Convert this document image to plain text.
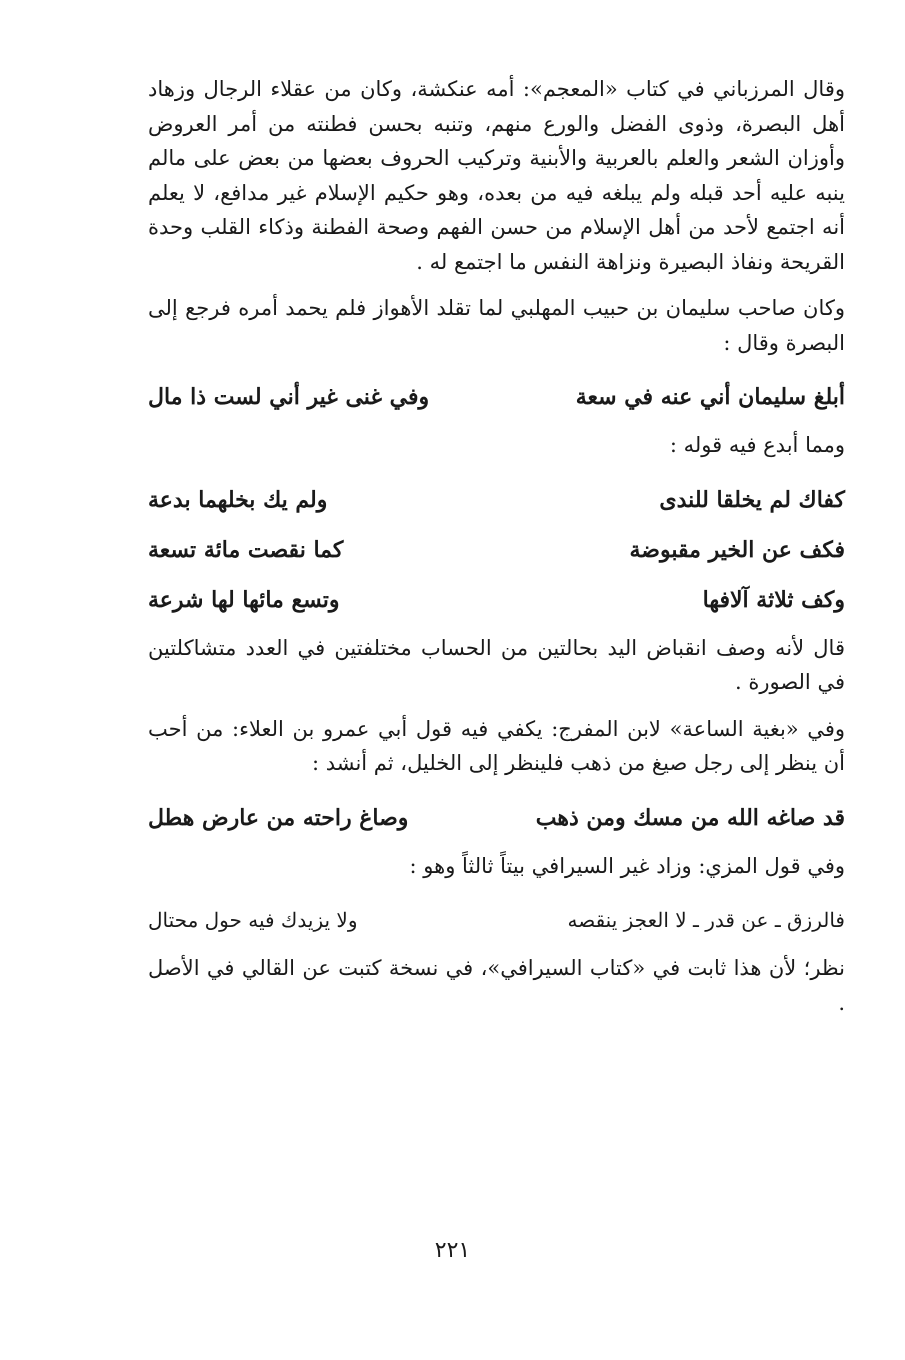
وقال المرزباني في كتاب «المعجم»: أمه عنكشة، وكان من عقلاء الرجال وزهاد أهل البصرة، وذوى الفضل والورع منهم، وتنبه بحسن فطنته من أمر العروض وأوزان الشعر والعلم بالعربية والأبنية وتركيب الحروف بعضها من بعض على مالم ينبه عليه أحد قبله ولم يبلغه فيه من بعده، وهو حكيم الإسلام غير مدافع، لا يعلم أنه اجتمع لأحد من أهل الإسلام من حسن الفهم وصحة الفطنة وذكاء القلب وحدة القريحة ونفاذ البصيرة ونزاهة النفس ما اجتمع له .

وكان صاحب سليمان بن حبيب المهلبي لما تقلد الأهواز فلم يحمد أمره فرجع إلى البصرة وقال :

أبلغ سليمان أني عنه في سعة
وفي غنى غير أني لست ذا مال

ومما أبدع فيه قوله :

كفاك لم يخلقا للندى
ولم يك بخلهما بدعة
فكف عن الخير مقبوضة
كما نقصت مائة تسعة
وكف ثلاثة آلافها
وتسع مائها لها شرعة

قال لأنه وصف انقباض اليد بحالتين من الحساب مختلفتين في العدد متشاكلتين في الصورة .

وفي «بغية الساعة» لابن المفرج: يكفي فيه قول أبي عمرو بن العلاء: من أحب أن ينظر إلى رجل صيغ من ذهب فلينظر إلى الخليل، ثم أنشد :

قد صاغه الله من مسك ومن ذهب
وصاغ راحته من عارض هطل

وفي قول المزي: وزاد غير السيرافي بيتاً ثالثاً وهو :

فالرزق ـ عن قدر ـ لا العجز ينقصه
ولا يزيدك فيه حول محتال

نظر؛ لأن هذا ثابت في «كتاب السيرافي»، في نسخة كتبت عن القالي في الأصل .

٢٢١
